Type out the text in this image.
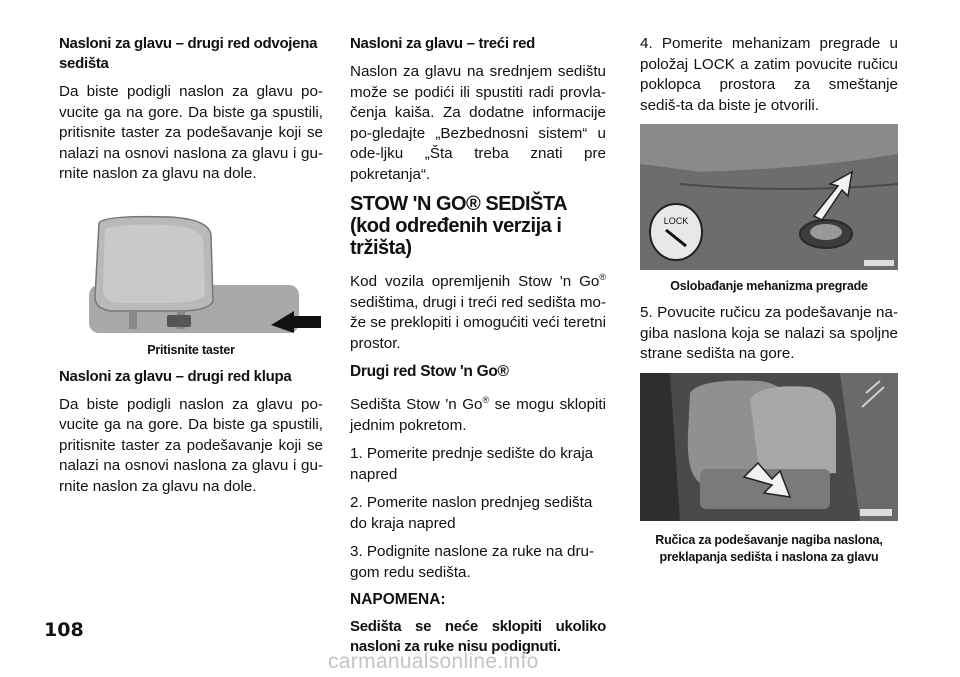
Nasloni za glavu – drugi red odvojena sedišta

Da biste podigli naslon za glavu po-vucite ga na gore. Da biste ga spustili, pritisnite taster za podešavanje koji se nalazi na osnovi naslona za glavu i gu-rnite naslon za glavu na dole.

Pritisnite taster
Nasloni za glavu – drugi red klupa

Da biste podigli naslon za glavu po-vucite ga na gore. Da biste ga spustili, pritisnite taster za podešavanje koji se nalazi na osnovi naslona za glavu i gu-rnite naslon za glavu na dole.

Nasloni za glavu – treći red

Naslon za glavu na srednjem sedištu može se podići ili spustiti radi provla-čenja kaiša. Za dodatne informacije po-gledajte „Bezbednosni sistem“ u ode-ljku „Šta treba znati pre pokretanja“.

STOW 'N GO® SEDIŠTA
(kod određenih verzija i tržišta)

Kod vozila opremljenih Stow 'n Go® sedištima, drugi i treći red sedišta mo-že se preklopiti i omogućiti veći teretni prostor.

Drugi red Stow 'n Go®

Sedišta Stow 'n Go® se mogu sklopiti jednim pokretom.

1. Pomerite prednje sedište do kraja napred

2. Pomerite naslon prednjeg sedišta do kraja napred

3. Podignite naslone za ruke na dru-gom redu sedišta.

NAPOMENA:

Sedišta se neće sklopiti ukoliko nasloni za ruke nisu podignuti.

4. Pomerite mehanizam pregrade u položaj LOCK a zatim povucite ručicu poklopca prostora za smeštanje sediš-ta da biste je otvorili.

LOCK
Oslobađanje mehanizma pregrade

5. Povucite ručicu za podešavanje na-giba naslona koja se nalazi sa spoljne strane sedišta na gore.

Ručica za podešavanje nagiba naslona, preklapanja sedišta i naslona za glavu
108
carmanualsonline.info
